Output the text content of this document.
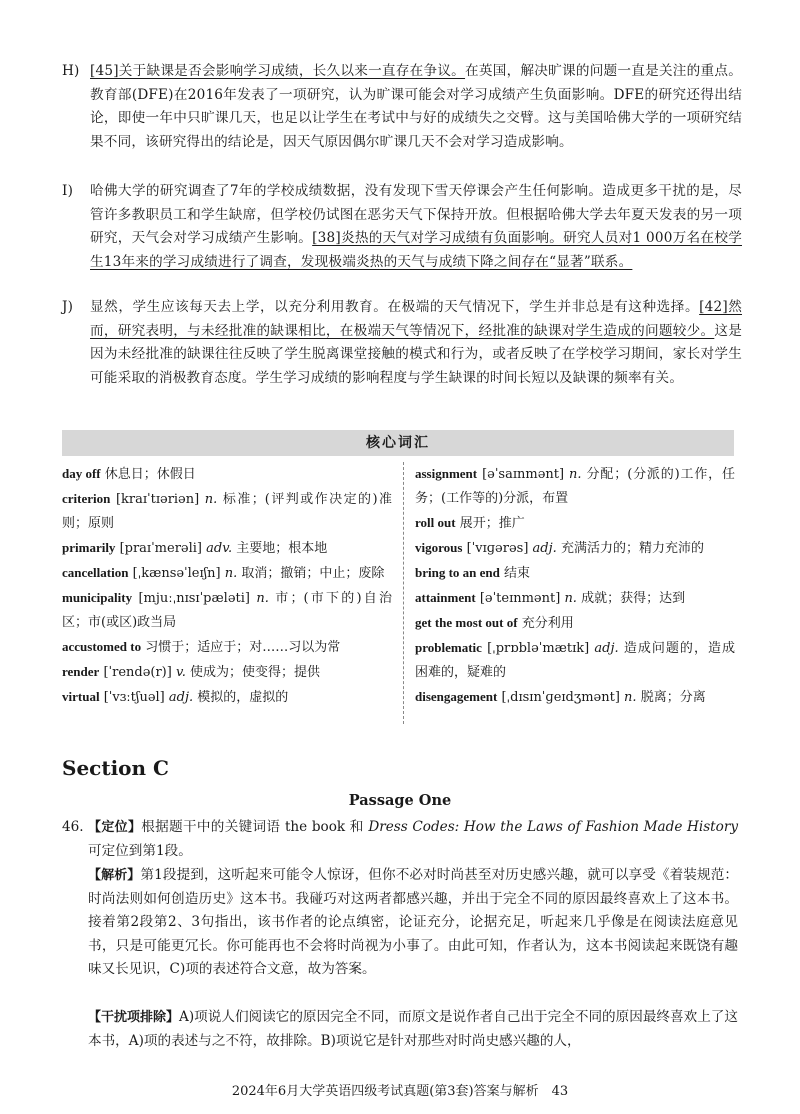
H) [45]关于缺课是否会影响学习成绩，长久以来一直存在争议。在英国，解决旷课的问题一直是关注的重点。教育部(DFE)在2016年发表了一项研究，认为旷课可能会对学习成绩产生负面影响。DFE的研究还得出结论，即使一年中只旷课几天，也足以让学生在考试中与好的成绩失之交臂。这与美国哈佛大学的一项研究结果不同，该研究得出的结论是，因天气原因偶尔旷课几天不会对学习造成影响。
I)	哈佛大学的研究调查了7年的学校成绩数据，没有发现下雪天停课会产生任何影响。造成更多干扰的是，尽管许多教职员工和学生缺席，但学校仍试图在恶劣天气下保持开放。但根据哈佛大学去年夏天发表的另一项研究，天气会对学习成绩产生影响。[38]炎热的天气对学习成绩有负面影响。研究人员对1 000万名在校学生13年来的学习成绩进行了调查，发现极端炎热的天气与成绩下降之间存在“显著”联系。
J)	显然，学生应该每天去上学，以充分利用教育。在极端的天气情况下，学生并非总是有这种选择。[42]然而，研究表明，与未经批准的缺课相比，在极端天气等情况下，经批准的缺课对学生造成的问题较少。这是因为未经批准的缺课往往反映了学生脱离课堂接触的模式和行为，或者反映了在学校学习期间，家长对学生可能采取的消极教育态度。学生学习成绩的影响程度与学生缺课的时间长短以及缺课的频率有关。
核心词汇
day off 休息日；休假日
criterion [kraɪˈtɪəriən] n. 标准；(评判或作决定的)准则；原则
primarily [praɪˈmerəli] adv. 主要地；根本地
cancellation [ˌkænsəˈleɪʃn] n. 取消；撤销；中止；废除
municipality [mjuːˌnɪsɪˈpæləti] n. 市；(市下的)自治区；市(或区)政当局
accustomed to 习惯于；适应于；对……习以为常
render [ˈrendə(r)] v. 使成为；使变得；提供
virtual [ˈvɜːtʃuəl] adj. 模拟的，虚拟的
assignment [əˈsaɪnmənt] n. 分配；(分派的)工作，任务；(工作等的)分派，布置
roll out 展开；推广
vigorous [ˈvɪɡərəs] adj. 充满活力的；精力充沛的
bring to an end 结束
attainment [əˈteɪnmənt] n. 成就；获得；达到
get the most out of 充分利用
problematic [ˌprɒbləˈmætɪk] adj. 造成问题的，造成困难的，疑难的
disengagement [ˌdɪsɪnˈɡeɪdʒmənt] n. 脱离；分离
Section C
Passage One
46. 【定位】根据题干中的关键词语 the book 和 Dress Codes: How the Laws of Fashion Made History 可定位到第1段。
【解析】第1段提到，这听起来可能令人惊讶，但你不必对时尚甚至对历史感兴趣，就可以享受《着装规范：时尚法则如何创造历史》这本书。我碰巧对这两者都感兴趣，并出于完全不同的原因最终喜欢上了这本书。接着第2段第2、3句指出，该书作者的论点缜密，论证充分，论据充足，听起来几乎像是在阅读法庭意见书，只是可能更冗长。你可能再也不会将时尚视为小事了。由此可知，作者认为，这本书阅读起来既饶有趣味又长见识，C)项的表述符合文意，故为答案。
【干扰项排除】A)项说人们阅读它的原因完全不同，而原文是说作者自己出于完全不同的原因最终喜欢上了这本书，A)项的表述与之不符，故排除。B)项说它是针对那些对时尚史感兴趣的人，
2024年6月大学英语四级考试真题(第3套)答案与解析　43
